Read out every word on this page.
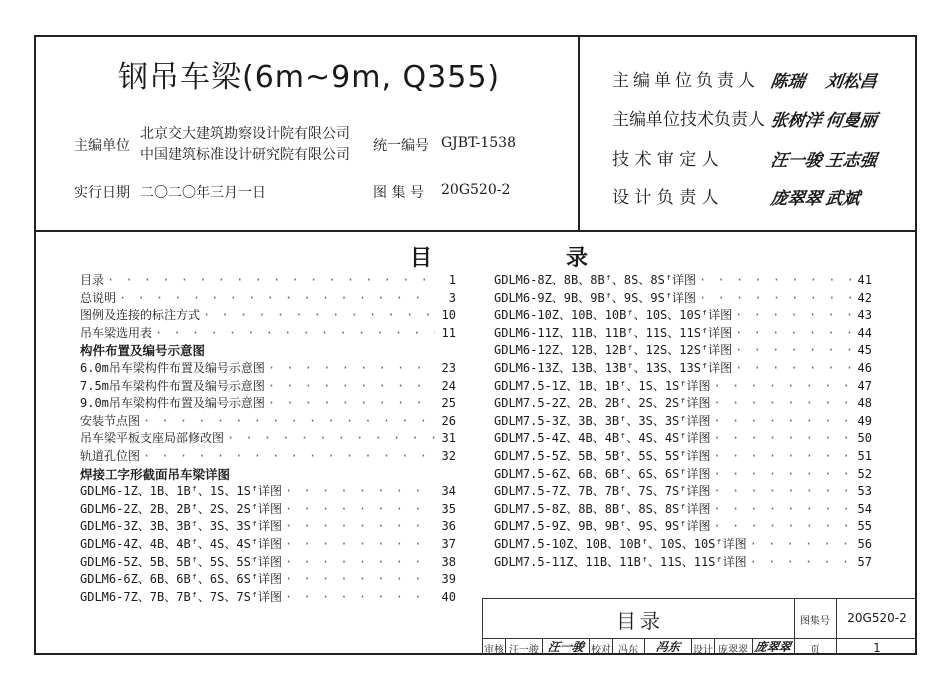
钢吊车梁(6m~9m, Q355)
主编单位
北京交大建筑勘察设计院有限公司
中国建筑标准设计研究院有限公司
统一编号 GJBT-1538
实行日期 二〇二〇年三月一日	图 集 号 20G520-2
主编单位负责人 陈瑞 刘松昌
主编单位技术负责人 张树洋 何曼丽
技 术 审 定 人	汪一骏 王志强
设 计 负 责 人	庞翠翠 武斌
目　　录
目录 · · ·	1
总说明 · · ·	3
图例及连接的标注方式 · · ·	10
吊车梁选用表 · · ·	11
构件布置及编号示意图
6.0m吊车梁构件布置及编号示意图 · · ·	23
7.5m吊车梁构件布置及编号示意图 · · ·	24
9.0m吊车梁构件布置及编号示意图 · · ·	25
安装节点图 · · ·	26
吊车梁平板支座局部修改图 · · ·	31
轨道孔位图 · · ·	32
焊接工字形截面吊车梁详图
GDLM6-1Z、1B、1Bᶠ、1S、1Sᶠ详图 · · ·	34
GDLM6-2Z、2B、2Bᶠ、2S、2Sᶠ详图 · · ·	35
GDLM6-3Z、3B、3Bᶠ、3S、3Sᶠ详图 · · ·	36
GDLM6-4Z、4B、4Bᶠ、4S、4Sᶠ详图 · · ·	37
GDLM6-5Z、5B、5Bᶠ、5S、5Sᶠ详图 · · ·	38
GDLM6-6Z、6B、6Bᶠ、6S、6Sᶠ详图 · · ·	39
GDLM6-7Z、7B、7Bᶠ、7S、7Sᶠ详图 · · ·	40
GDLM6-8Z、8B、8Bᶠ、8S、8Sᶠ详图 · · ·	41
GDLM6-9Z、9B、9Bᶠ、9S、9Sᶠ详图 · · ·	42
GDLM6-10Z、10B、10Bᶠ、10S、10Sᶠ详图 · · ·	43
GDLM6-11Z、11B、11Bᶠ、11S、11Sᶠ详图 · · ·	44
GDLM6-12Z、12B、12Bᶠ、12S、12Sᶠ详图 · · ·	45
GDLM6-13Z、13B、13Bᶠ、13S、13Sᶠ详图 · · ·	46
GDLM7.5-1Z、1B、1Bᶠ、1S、1Sᶠ详图 · · ·	47
GDLM7.5-2Z、2B、2Bᶠ、2S、2Sᶠ详图 · · ·	48
GDLM7.5-3Z、3B、3Bᶠ、3S、3Sᶠ详图 · · ·	49
GDLM7.5-4Z、4B、4Bᶠ、4S、4Sᶠ详图 · · ·	50
GDLM7.5-5Z、5B、5Bᶠ、5S、5Sᶠ详图 · · ·	51
GDLM7.5-6Z、6B、6Bᶠ、6S、6Sᶠ详图 · · ·	52
GDLM7.5-7Z、7B、7Bᶠ、7S、7Sᶠ详图 · · ·	53
GDLM7.5-8Z、8B、8Bᶠ、8S、8Sᶠ详图 · · ·	54
GDLM7.5-9Z、9B、9Bᶠ、9S、9Sᶠ详图 · · ·	55
GDLM7.5-10Z、10B、10Bᶠ、10S、10Sᶠ详图 · · ·	56
GDLM7.5-11Z、11B、11Bᶠ、11S、11Sᶠ详图 · · ·	57
目录	图集号	20G520-2
审核 汪一骏 汪一骏 校对 冯东	冯东	设计 庞翠翠 庞翠翠	页	1
